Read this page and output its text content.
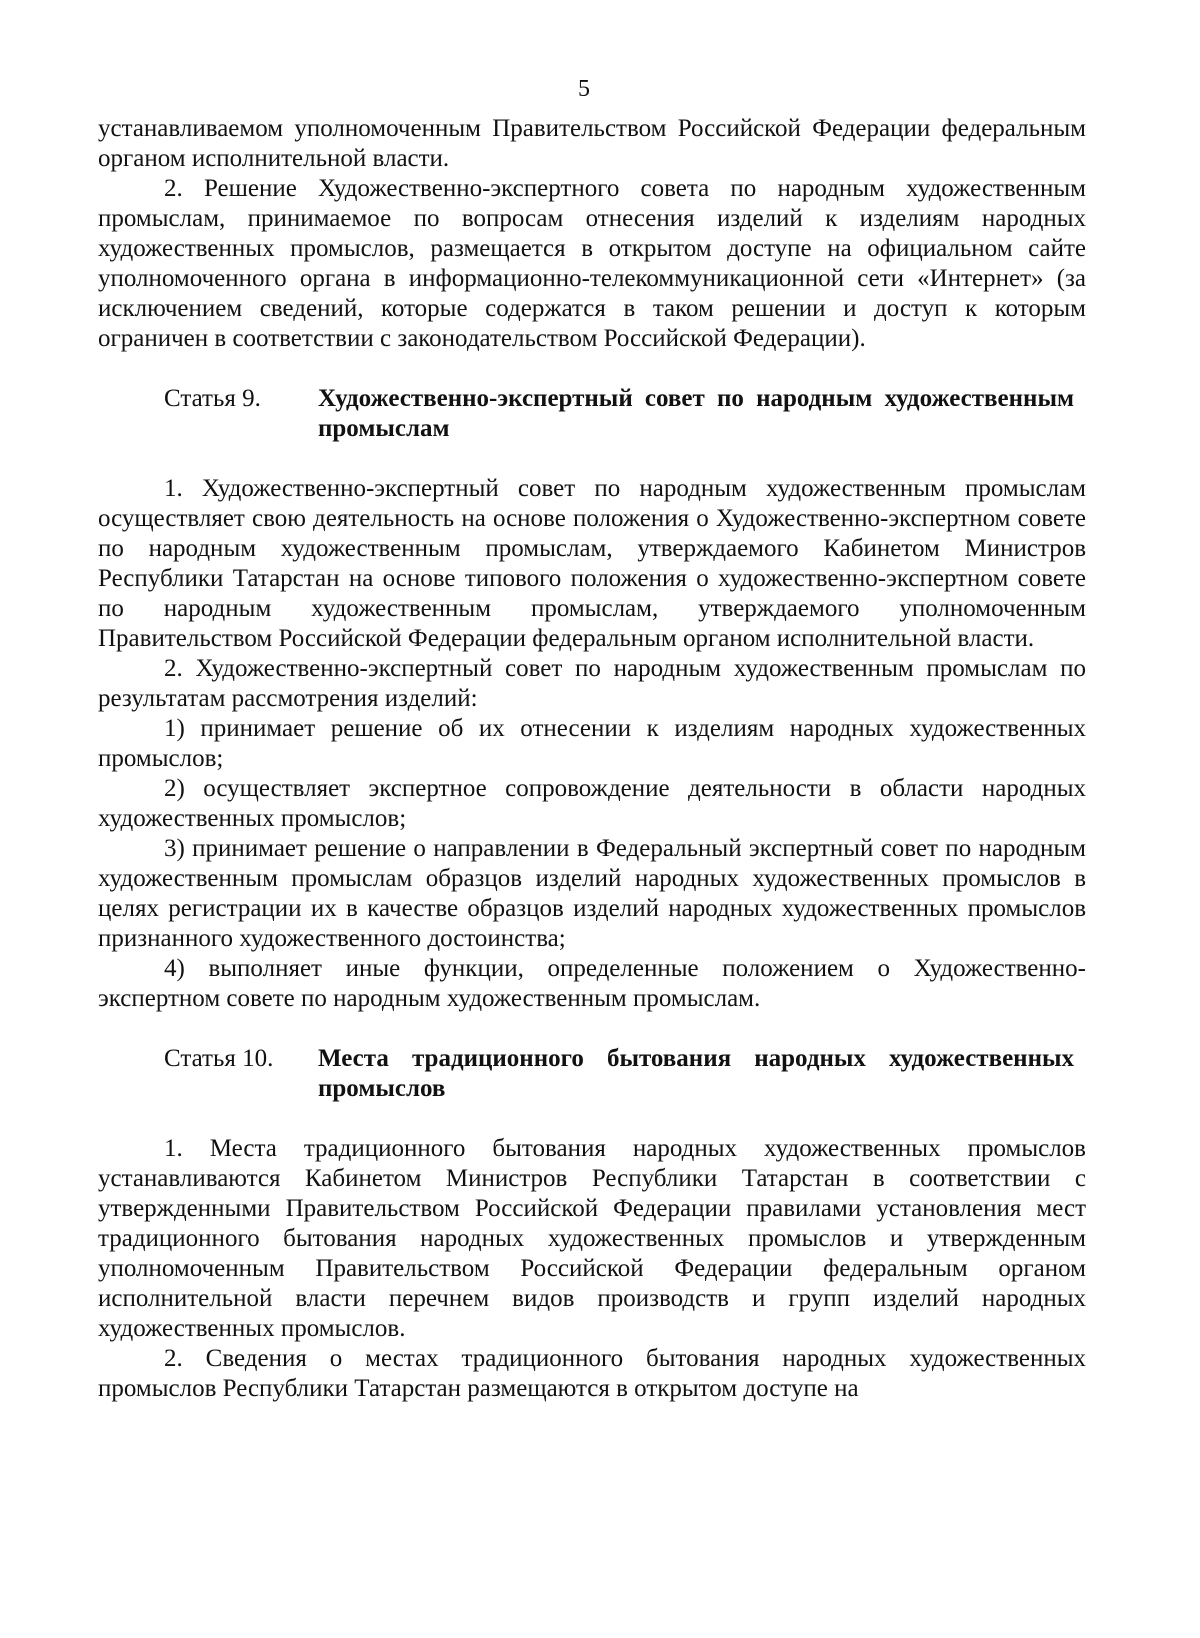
5

устанавливаемом уполномоченным Правительством Российской Федерации федеральным органом исполнительной власти.

2. Решение Художественно-экспертного совета по народным художественным промыслам, принимаемое по вопросам отнесения изделий к изделиям народных художественных промыслов, размещается в открытом доступе на официальном сайте уполномоченного органа в информационно-телекоммуникационной сети «Интернет» (за исключением сведений, которые содержатся в таком решении и доступ к которым ограничен в соответствии с законодательством Российской Федерации).

Статья 9.	Художественно-экспертный совет по народным художественным промыслам

1. Художественно-экспертный совет по народным художественным промыслам осуществляет свою деятельность на основе положения о Художественно-экспертном совете по народным художественным промыслам, утверждаемого Кабинетом Министров Республики Татарстан на основе типового положения о художественно-экспертном совете по народным художественным промыслам, утверждаемого уполномоченным Правительством Российской Федерации федеральным органом исполнительной власти.

2. Художественно-экспертный совет по народным художественным промыслам по результатам рассмотрения изделий:

1) принимает решение об их отнесении к изделиям народных художественных промыслов;

2) осуществляет экспертное сопровождение деятельности в области народных художественных промыслов;

3) принимает решение о направлении в Федеральный экспертный совет по народным художественным промыслам образцов изделий народных художественных промыслов в целях регистрации их в качестве образцов изделий народных художественных промыслов признанного художественного достоинства;

4) выполняет иные функции, определенные положением о Художественно-экспертном совете по народным художественным промыслам.

Статья 10.	Места традиционного бытования народных художественных промыслов

1. Места традиционного бытования народных художественных промыслов устанавливаются Кабинетом Министров Республики Татарстан в соответствии с утвержденными Правительством Российской Федерации правилами установления мест традиционного бытования народных художественных промыслов и утвержденным уполномоченным Правительством Российской Федерации федеральным органом исполнительной власти перечнем видов производств и групп изделий народных художественных промыслов.

2. Сведения о местах традиционного бытования народных художественных промыслов Республики Татарстан размещаются в открытом доступе на
